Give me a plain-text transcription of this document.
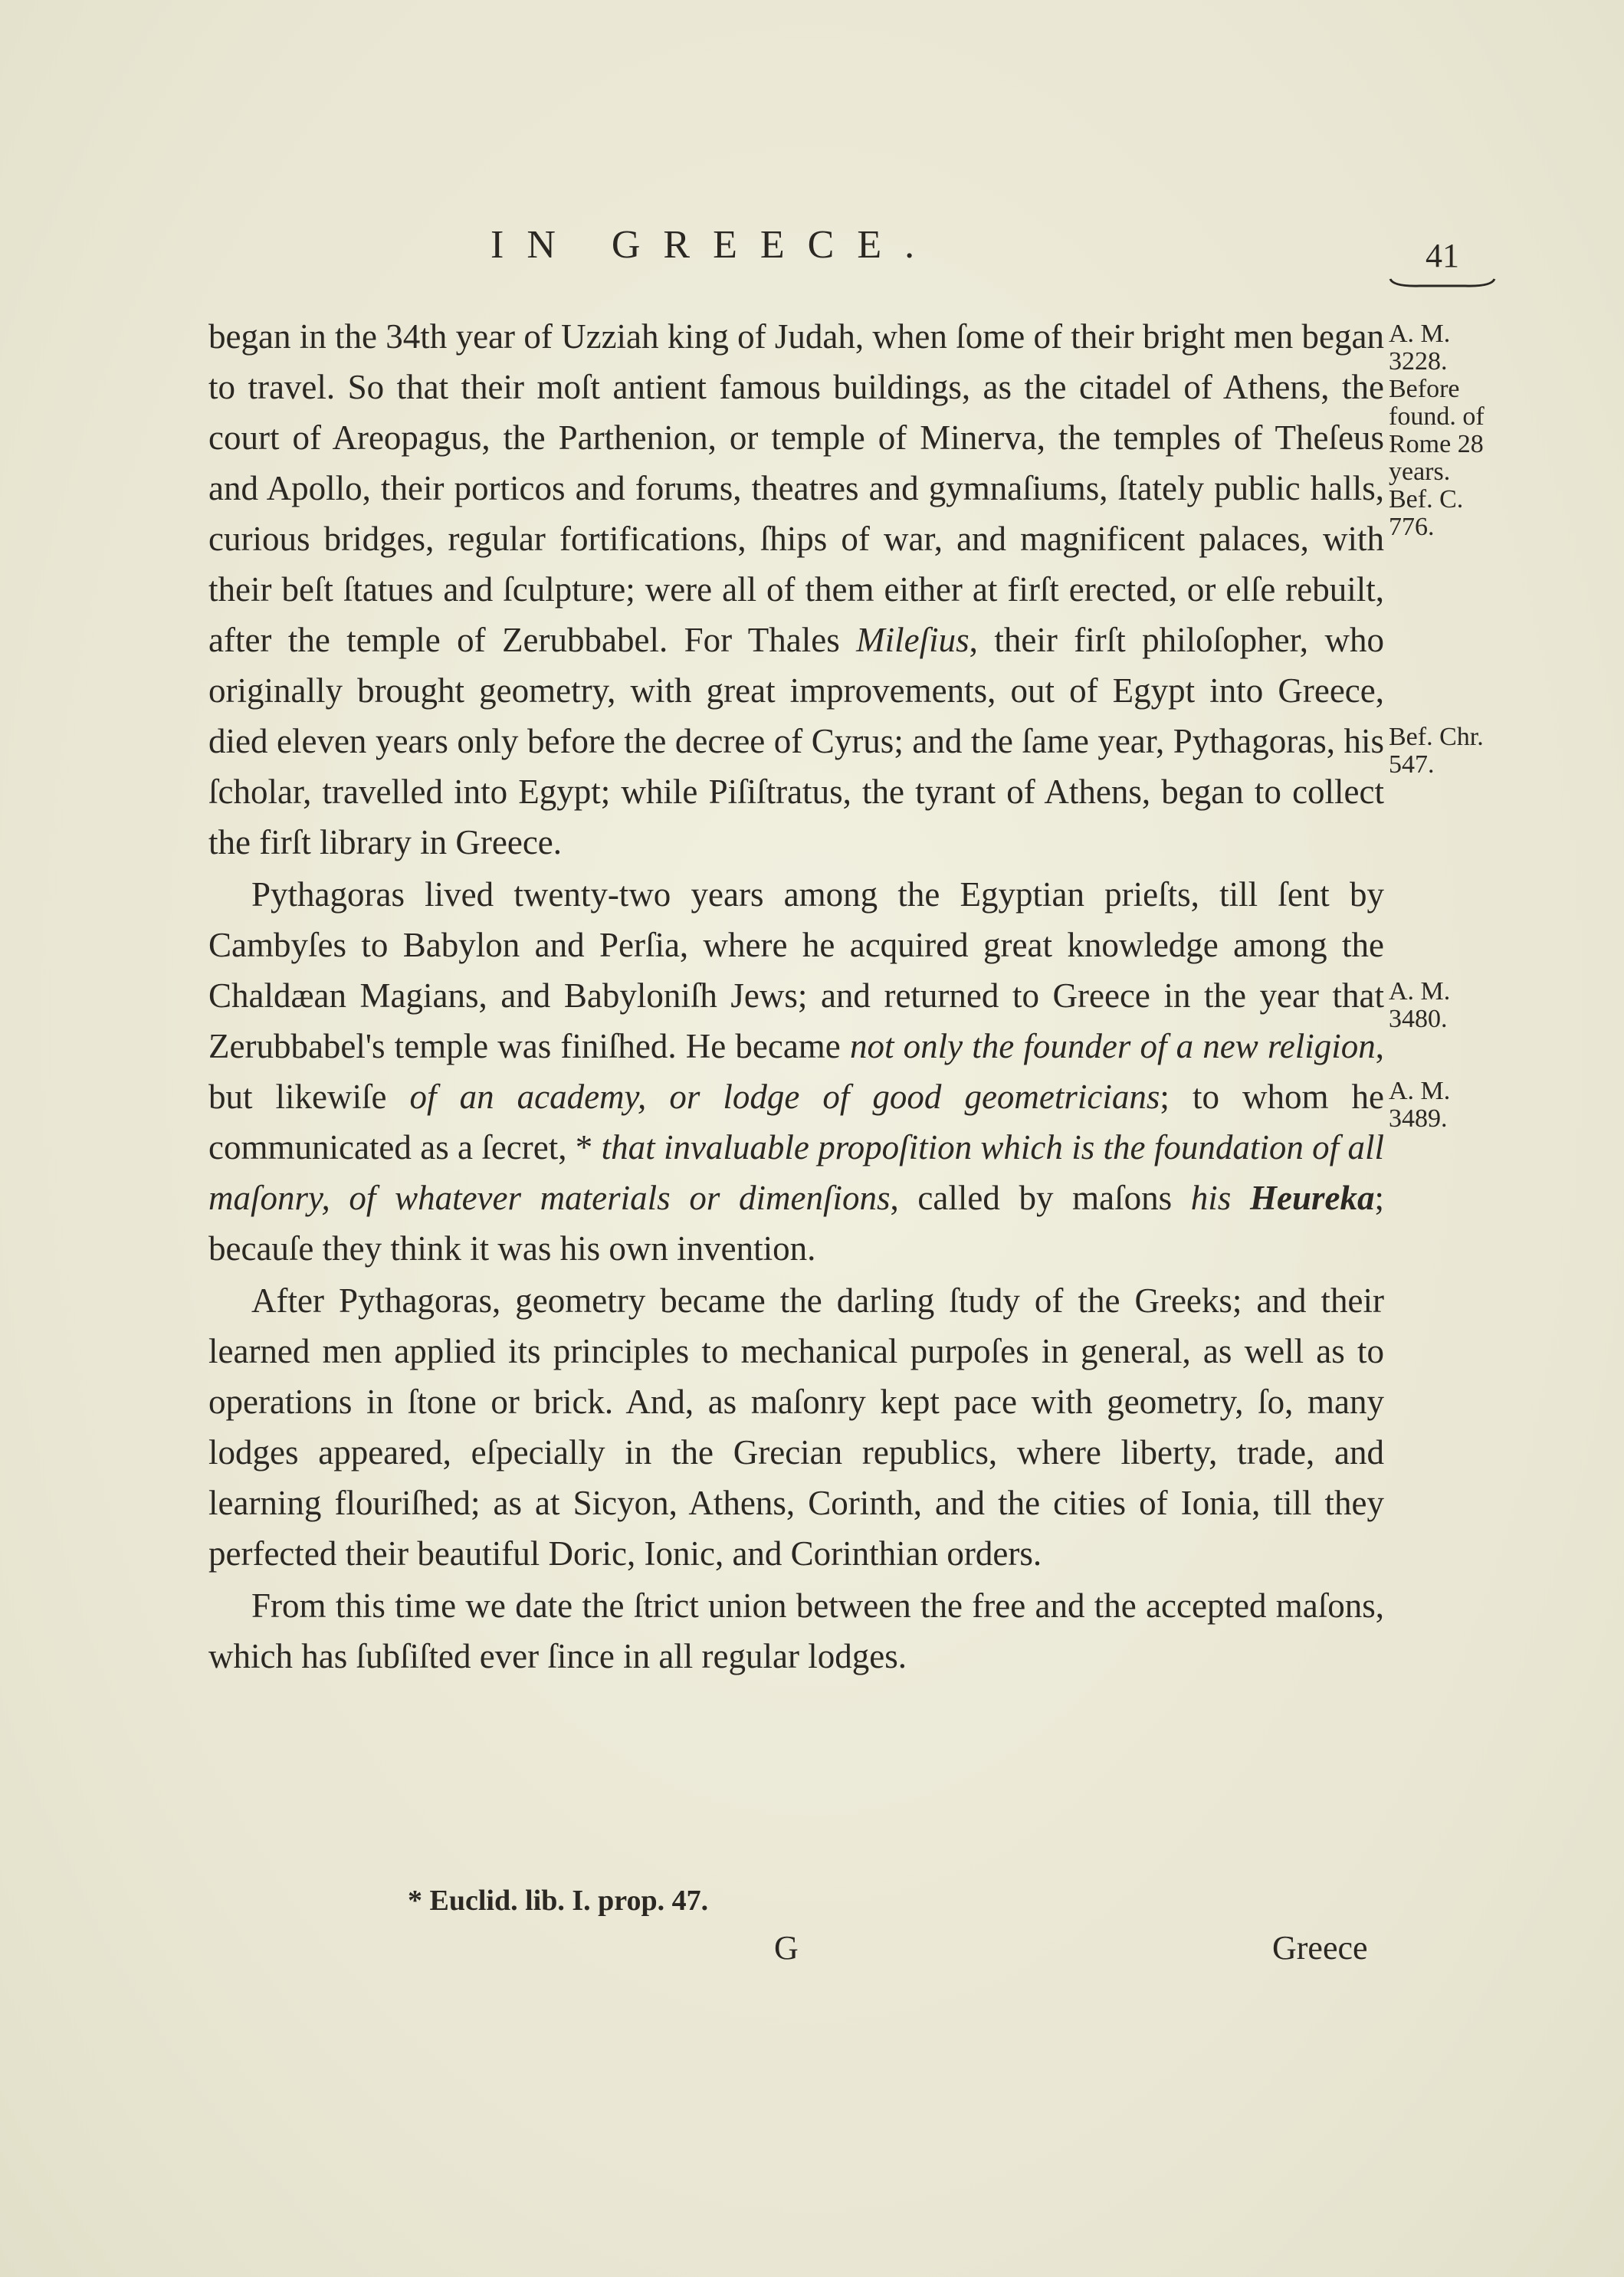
IN GREECE.	41

began in the 34th year of Uzziah king of Judah, when ſome of their bright men began to travel. So that their moſt antient famous buildings, as the citadel of Athens, the court of Areopagus, the Parthenion, or temple of Minerva, the temples of Theſeus and Apollo, their porticos and forums, theatres and gymnaſiums, ſtately public halls, curious bridges, regular fortifications, ſhips of war, and magnificent palaces, with their beſt ſtatues and ſculpture; were all of them either at firſt erected, or elſe rebuilt, after the temple of Zerubbabel. For Thales Mileſius, their firſt philoſopher, who originally brought geometry, with great improvements, out of Egypt into Greece, died eleven years only before the decree of Cyrus; and the ſame year, Pythagoras, his ſcholar, travelled into Egypt; while Piſiſtratus, the tyrant of Athens, began to collect the firſt library in Greece.

Pythagoras lived twenty-two years among the Egyptian prieſts, till ſent by Cambyſes to Babylon and Perſia, where he acquired great knowledge among the Chaldæan Magians, and Babyloniſh Jews; and returned to Greece in the year that Zerubbabel's temple was finiſhed. He became not only the founder of a new religion, but likewiſe of an academy, or lodge of good geometricians; to whom he communicated as a ſecret, * that invaluable propoſition which is the foundation of all maſonry, of whatever materials or dimenſions, called by maſons his Heureka; becauſe they think it was his own invention.

After Pythagoras, geometry became the darling ſtudy of the Greeks; and their learned men applied its principles to mechanical purpoſes in general, as well as to operations in ſtone or brick. And, as maſonry kept pace with geometry, ſo, many lodges appeared, eſpecially in the Grecian republics, where liberty, trade, and learning flouriſhed; as at Sicyon, Athens, Corinth, and the cities of Ionia, till they perfected their beautiful Doric, Ionic, and Corinthian orders.

From this time we date the ſtrict union between the free and the accepted maſons, which has ſubſiſted ever ſince in all regular lodges.

A. M.
3228.
Before
found. of
Rome 28
years.
Bef. C.
776.
Bef. Chr.
547.
A. M.
3480.
A. M.
3489.
* Euclid. lib. I. prop. 47.
G	Greece
